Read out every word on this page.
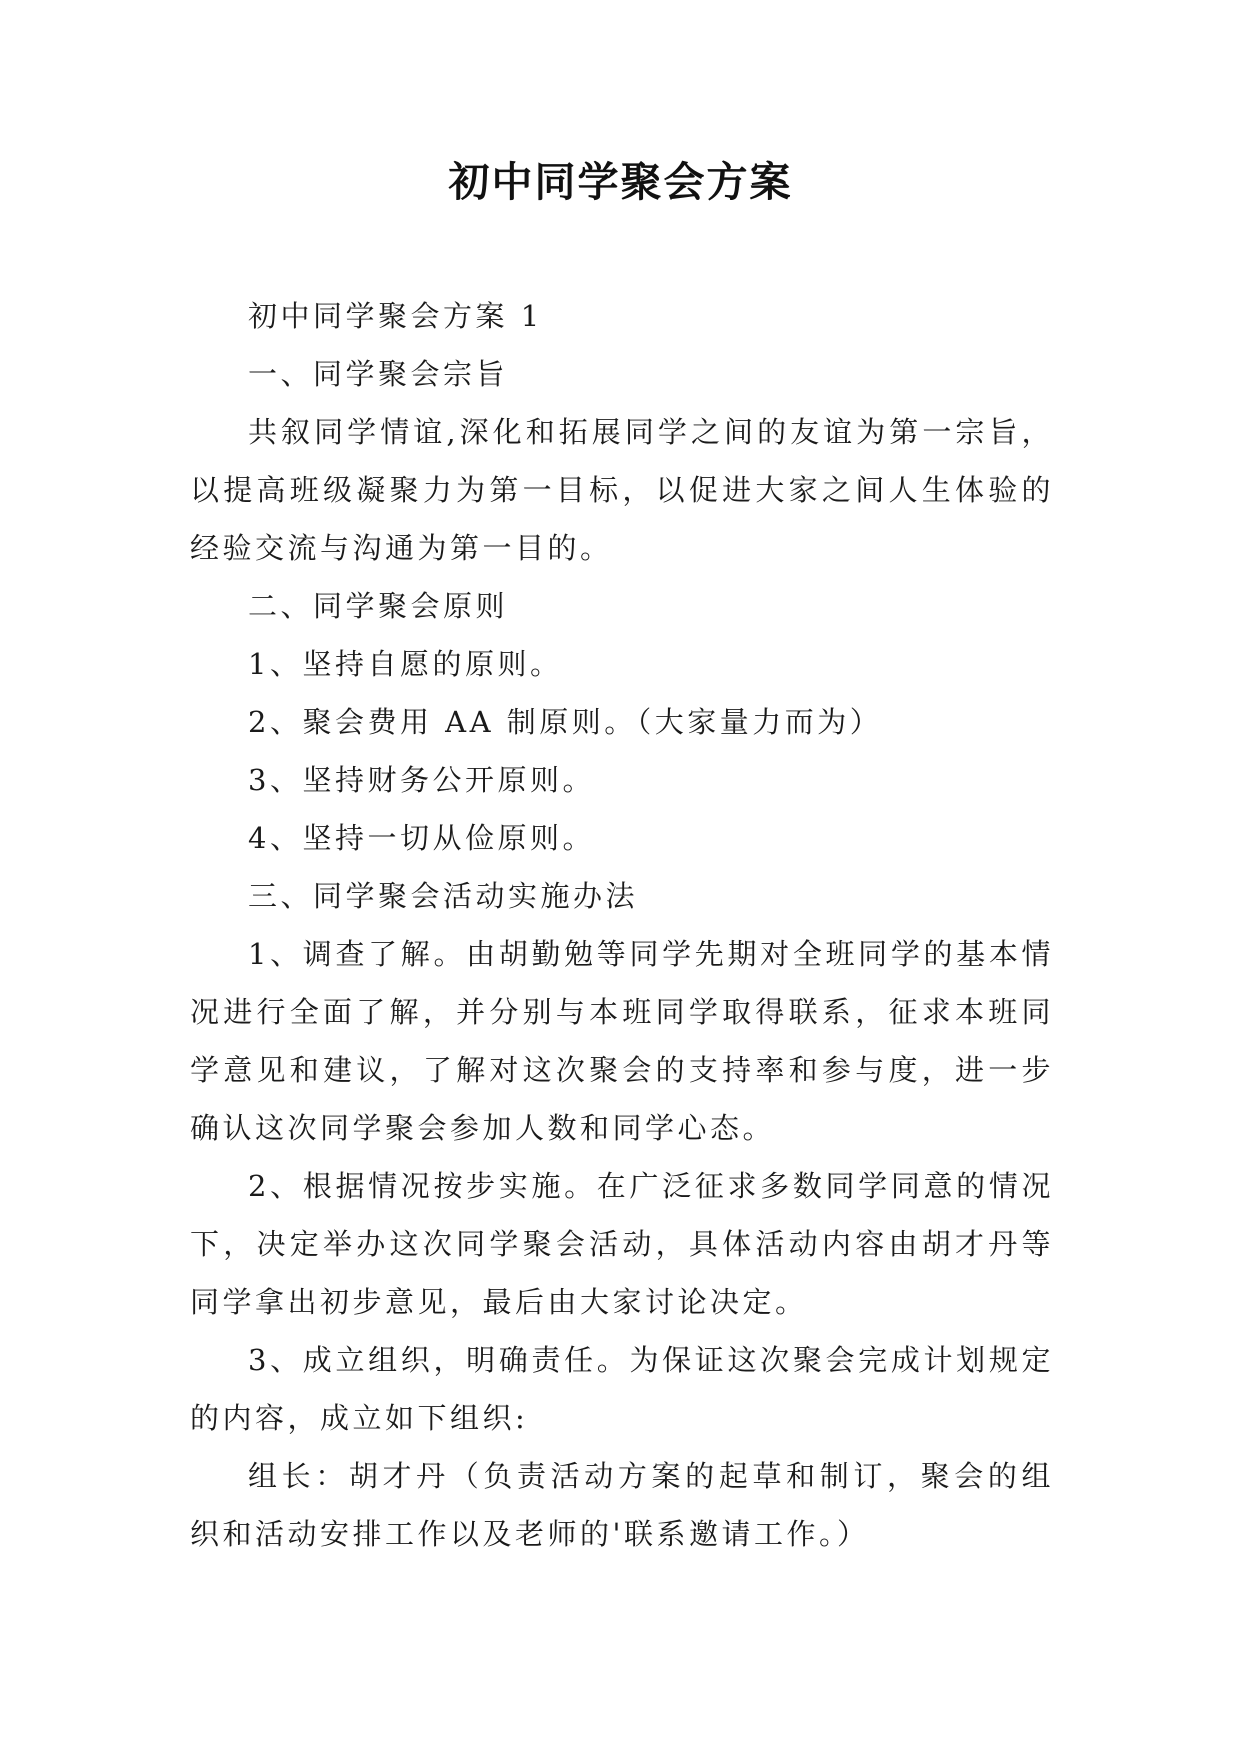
初中同学聚会方案

初中同学聚会方案 1

一、同学聚会宗旨

共叙同学情谊,深化和拓展同学之间的友谊为第一宗旨，以提高班级凝聚力为第一目标，以促进大家之间人生体验的经验交流与沟通为第一目的。

二、同学聚会原则

1、坚持自愿的原则。

2、聚会费用 AA 制原则。（大家量力而为）

3、坚持财务公开原则。

4、坚持一切从俭原则。

三、同学聚会活动实施办法

1、调查了解。由胡勤勉等同学先期对全班同学的基本情况进行全面了解，并分别与本班同学取得联系，征求本班同学意见和建议，了解对这次聚会的支持率和参与度，进一步确认这次同学聚会参加人数和同学心态。

2、根据情况按步实施。在广泛征求多数同学同意的情况下，决定举办这次同学聚会活动，具体活动内容由胡才丹等同学拿出初步意见，最后由大家讨论决定。

3、成立组织，明确责任。为保证这次聚会完成计划规定的内容，成立如下组织:

组长：胡才丹（负责活动方案的起草和制订，聚会的组织和活动安排工作以及老师的'联系邀请工作。）
